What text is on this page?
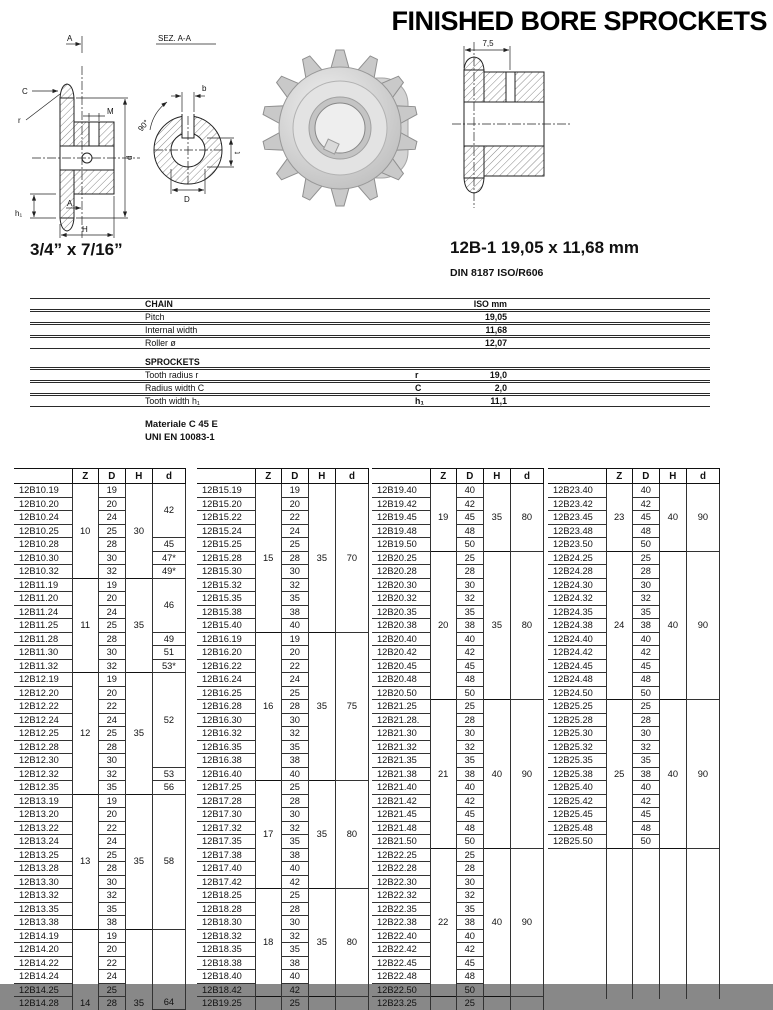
FINISHED BORE SPROCKETS
A
C
r
M
d
A
h₁
H
SEZ. A-A
b
90°
t
D
7,5
3/4” x 7/16”	12B-1 19,05 x 11,68 mm
DIN 8187 ISO/R606
CHAIN	ISO mm
Pitch	19,05
Internal width	11,68
Roller ø	12,07
SPROCKETS
Tooth radius r	r	19,0
Radius width C	C	2,0
Tooth width h₁	h₁	11,1
Materiale C 45 E
UNI EN 10083-1
	Z	D	H	d
12B10.19	10	19	30	42
12B10.20		20		
12B10.24		24		
12B10.25		25		
12B10.28		28		45
12B10.30		30		47*
12B10.32		32		49*
12B11.19	11	19	35	46
12B11.20		20		
12B11.24		24		
12B11.25		25		
12B11.28		28		49
12B11.30		30		51
12B11.32		32		53*
12B12.19	12	19	35	52
12B12.20		20		
12B12.22		22		
12B12.24		24		
12B12.25		25		
12B12.28		28		
12B12.30		30		
12B12.32		32		53
12B12.35		35		56
12B13.19	13	19	35	58
12B13.20		20		
12B13.22		22		
12B13.24		24		
12B13.25		25		
12B13.28		28		
12B13.30		30		
12B13.32		32		
12B13.35		35		
12B13.38		38		
12B14.19	14	19	35	64
12B14.20		20		
12B14.22		22		
12B14.24		24		
12B14.25		25		
12B14.28		28		
	Z	D	H	d
12B15.19	15	19	35	70
12B15.20		20		
12B15.22		22		
12B15.24		24		
12B15.25		25		
12B15.28		28		
12B15.30		30		
12B15.32		32		
12B15.35		35		
12B15.38		38		
12B15.40		40		
12B16.19	16	19	35	75
12B16.20		20		
12B16.22		22		
12B16.24		24		
12B16.25		25		
12B16.28		28		
12B16.30		30		
12B16.32		32		
12B16.35		35		
12B16.38		38		
12B16.40		40		
12B17.25	17	25	35	80
12B17.28		28		
12B17.30		30		
12B17.32		32		
12B17.35		35		
12B17.38		38		
12B17.40		40		
12B17.42		42		
12B18.25	18	25	35	80
12B18.28		28		
12B18.30		30		
12B18.32		32		
12B18.35		35		
12B18.38		38		
12B18.40		40		
12B18.42		42		
12B19.25		25		
	Z	D	H	d
12B19.40	19	40	35	80
12B19.42		42		
12B19.45		45		
12B19.48		48		
12B19.50		50		
12B20.25	20	25	35	80
12B20.28		28		
12B20.30		30		
12B20.32		32		
12B20.35		35		
12B20.38		38		
12B20.40		40		
12B20.42		42		
12B20.45		45		
12B20.48		48		
12B20.50		50		
12B21.25	21	25	40	90
12B21.28.		28		
12B21.30		30		
12B21.32		32		
12B21.35		35		
12B21.38		38		
12B21.40		40		
12B21.42		42		
12B21.45		45		
12B21.48		48		
12B21.50		50		
12B22.25	22	25	40	90
12B22.28		28		
12B22.30		30		
12B22.32		32		
12B22.35		35		
12B22.38		38		
12B22.40		40		
12B22.42		42		
12B22.45		45		
12B22.48		48		
12B22.50		50		
12B23.25		25		
	Z	D	H	d
12B23.40	23	40	40	90
12B23.42		42		
12B23.45		45		
12B23.48		48		
12B23.50		50		
12B24.25	24	25	40	90
12B24.28		28		
12B24.30		30		
12B24.32		32		
12B24.35		35		
12B24.38		38		
12B24.40		40		
12B24.42		42		
12B24.45		45		
12B24.48		48		
12B24.50		50		
12B25.25	25	25	40	90
12B25.28		28		
12B25.30		30		
12B25.32		32		
12B25.35		35		
12B25.38		38		
12B25.40		40		
12B25.42		42		
12B25.45		45		
12B25.48		48		
12B25.50		50		
